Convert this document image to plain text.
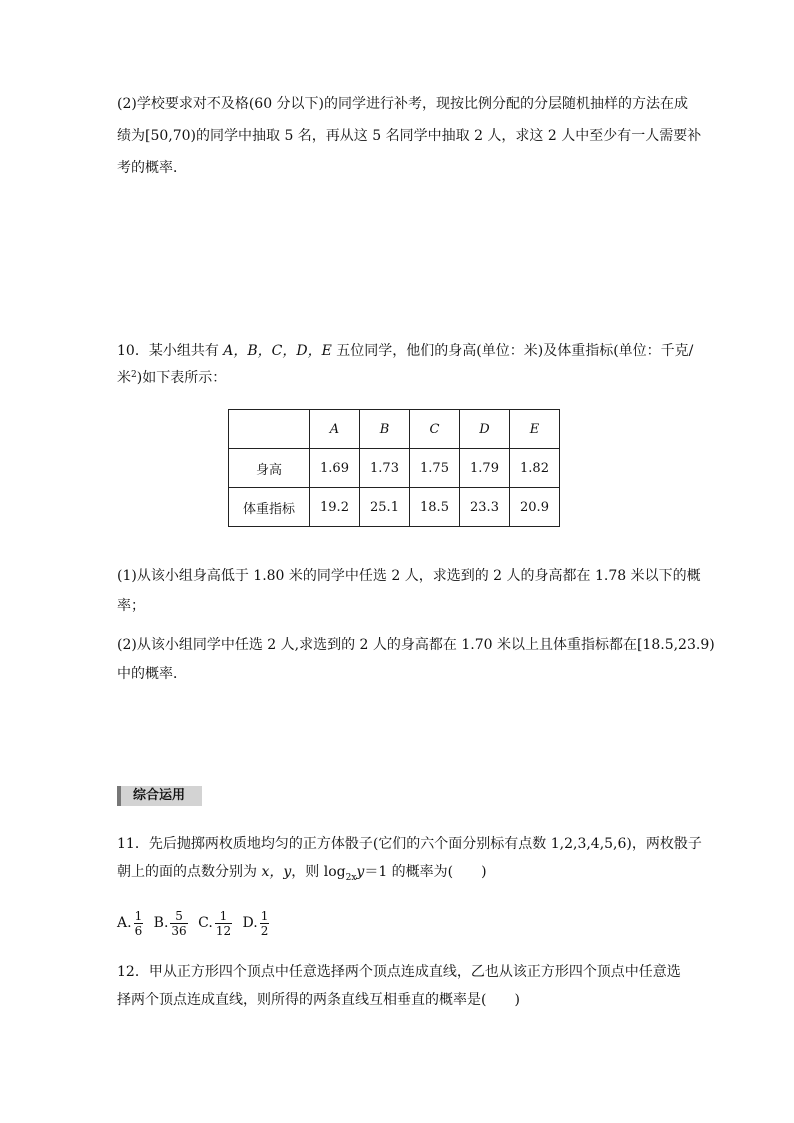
(2)学校要求对不及格(60 分以下)的同学进行补考，现按比例分配的分层随机抽样的方法在成
绩为[50,70)的同学中抽取 5 名，再从这 5 名同学中抽取 2 人，求这 2 人中至少有一人需要补
考的概率．
10．某小组共有 A，B，C，D，E 五位同学，他们的身高(单位：米)及体重指标(单位：千克/
米$^2$)如下表所示：
	A	B	C	D	E
身高	1.69	1.73	1.75	1.79	1.82
体重指标	19.2	25.1	18.5	23.3	20.9
(1)从该小组身高低于 1.80 米的同学中任选 2 人，求选到的 2 人的身高都在 1.78 米以下的概
率；
(2)从该小组同学中任选 2 人,求选到的 2 人的身高都在 1.70 米以上且体重指标都在[18.5,23.9)
中的概率．
综合运用
11．先后抛掷两枚质地均匀的正方体骰子(它们的六个面分别标有点数 1,2,3,4,5,6)，两枚骰子
朝上的面的点数分别为 x，y，则 $\log_{2x}y=1$ 的概率为(　　)
A. $\frac{1}{6} B$. $\frac{5}{36} C$. $\frac{1}{12} D$. $\frac{1}{2}$
12．甲从正方形四个顶点中任意选择两个顶点连成直线，乙也从该正方形四个顶点中任意选
择两个顶点连成直线，则所得的两条直线互相垂直的概率是(　　)
